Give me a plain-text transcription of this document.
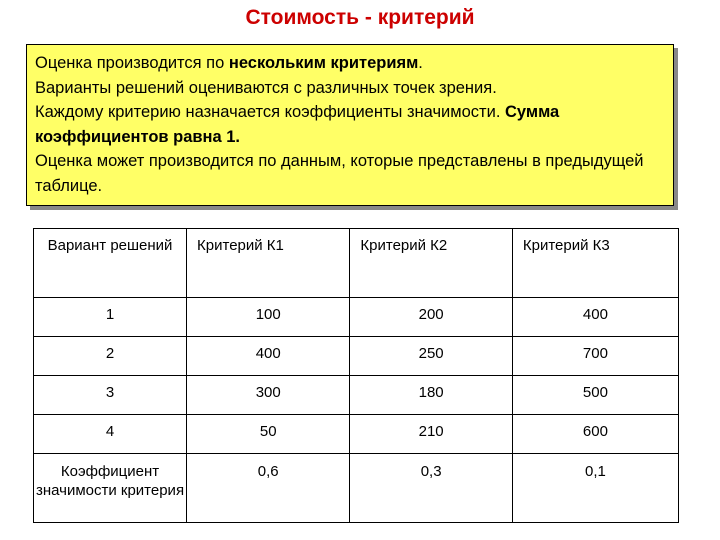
Стоимость - критерий
Оценка производится по нескольким критериям.
Варианты решений оцениваются с различных точек зрения.
Каждому критерию назначается коэффициенты значимости. Сумма коэффициентов равна 1.
Оценка может производится по данным, которые представлены в предыдущей таблице.
Вариант решений	Критерий К1	Критерий К2	Критерий К3
1	100	200	400
2	400	250	700
3	300	180	500
4	50	210	600
Коэффициент значимости критерия	0,6	0,3	0,1
